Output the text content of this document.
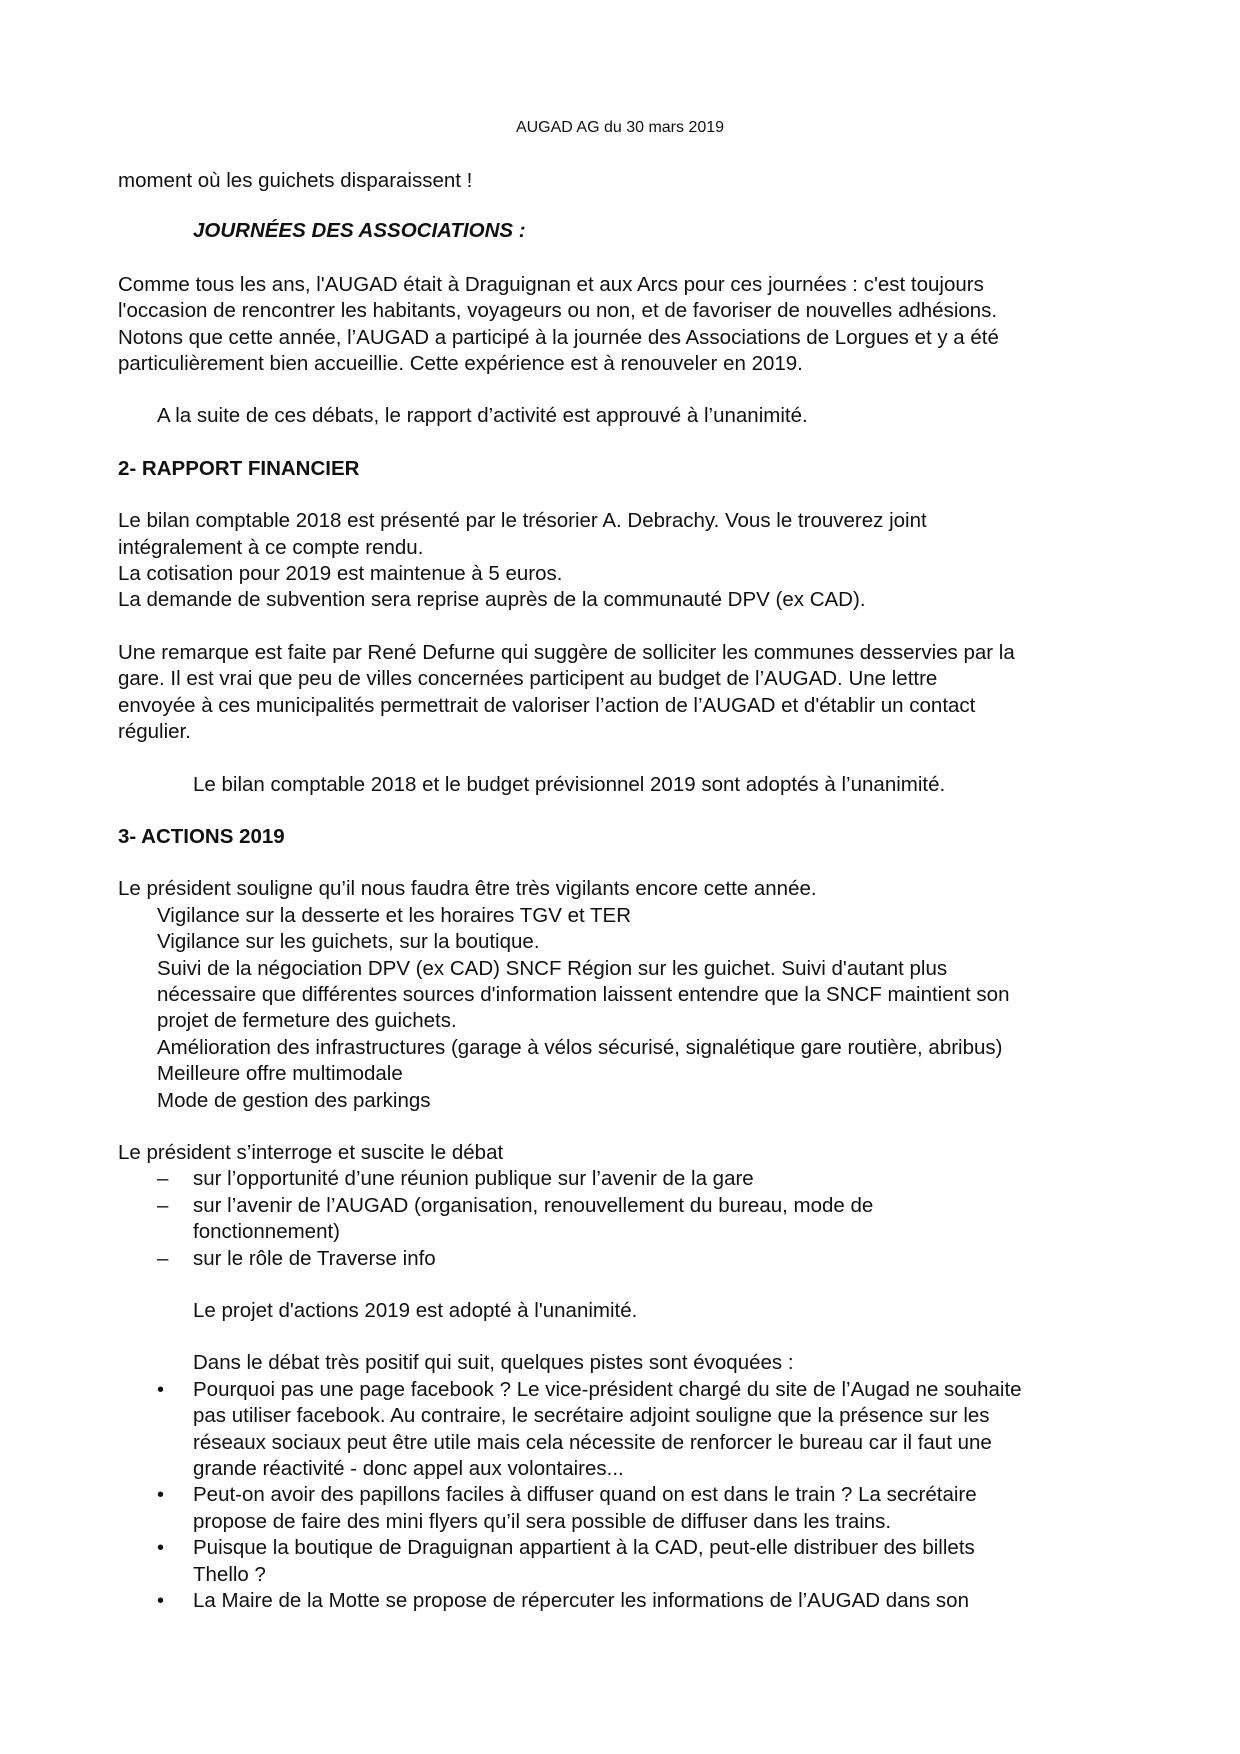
AUGAD AG du 30 mars 2019

moment où les guichets disparaissent !

JOURNÉES DES ASSOCIATIONS :

Comme tous les ans, l'AUGAD était à Draguignan et aux Arcs pour ces journées : c'est toujours

l'occasion de rencontrer les habitants, voyageurs ou non, et de favoriser de nouvelles adhésions.

Notons que cette année, l’AUGAD a participé à la journée des Associations de Lorgues et y a été

particulièrement bien accueillie. Cette expérience est à renouveler en 2019.

A la suite de ces débats, le rapport d’activité est approuvé à l’unanimité.

2- RAPPORT FINANCIER

Le bilan comptable 2018 est présenté par le trésorier A. Debrachy. Vous le trouverez joint

intégralement à ce compte rendu.

La cotisation pour 2019 est maintenue à 5 euros.

La demande de subvention sera reprise auprès de la communauté DPV (ex CAD).

Une remarque est faite par René Defurne qui suggère de solliciter les communes desservies par la

gare. Il est vrai que peu de villes concernées participent au budget de l’AUGAD. Une lettre

envoyée à ces municipalités permettrait de valoriser l’action de l’AUGAD et d'établir un contact

régulier.

Le bilan comptable 2018 et le budget prévisionnel 2019 sont adoptés à l’unanimité.

3- ACTIONS 2019

Le président souligne qu’il nous faudra être très vigilants encore cette année.

Vigilance sur la desserte et les horaires TGV et TER

Vigilance sur les guichets, sur la boutique.

Suivi de la négociation DPV (ex CAD) SNCF Région sur les guichet. Suivi d'autant plus

nécessaire que différentes sources d'information laissent entendre que la SNCF maintient son

projet de fermeture des guichets.

Amélioration des infrastructures (garage à vélos sécurisé, signalétique gare routière, abribus)

Meilleure offre multimodale

Mode de gestion des parkings

Le président s’interroge et suscite le débat

– sur l’opportunité d’une réunion publique sur l’avenir de la gare

– sur l’avenir de l’AUGAD (organisation, renouvellement du bureau, mode de

fonctionnement)

– sur le rôle de Traverse info

Le projet d'actions 2019 est adopté à l'unanimité.

Dans le débat très positif qui suit, quelques pistes sont évoquées :

• Pourquoi pas une page facebook ? Le vice-président chargé du site de l’Augad ne souhaite

pas utiliser facebook. Au contraire, le secrétaire adjoint souligne que la présence sur les

réseaux sociaux peut être utile mais cela nécessite de renforcer le bureau car il faut une

grande réactivité - donc appel aux volontaires...

• Peut-on avoir des papillons faciles à diffuser quand on est dans le train ? La secrétaire

propose de faire des mini flyers qu’il sera possible de diffuser dans les trains.

• Puisque la boutique de Draguignan appartient à la CAD, peut-elle distribuer des billets

Thello ?

• La Maire de la Motte se propose de répercuter les informations de l’AUGAD dans son
